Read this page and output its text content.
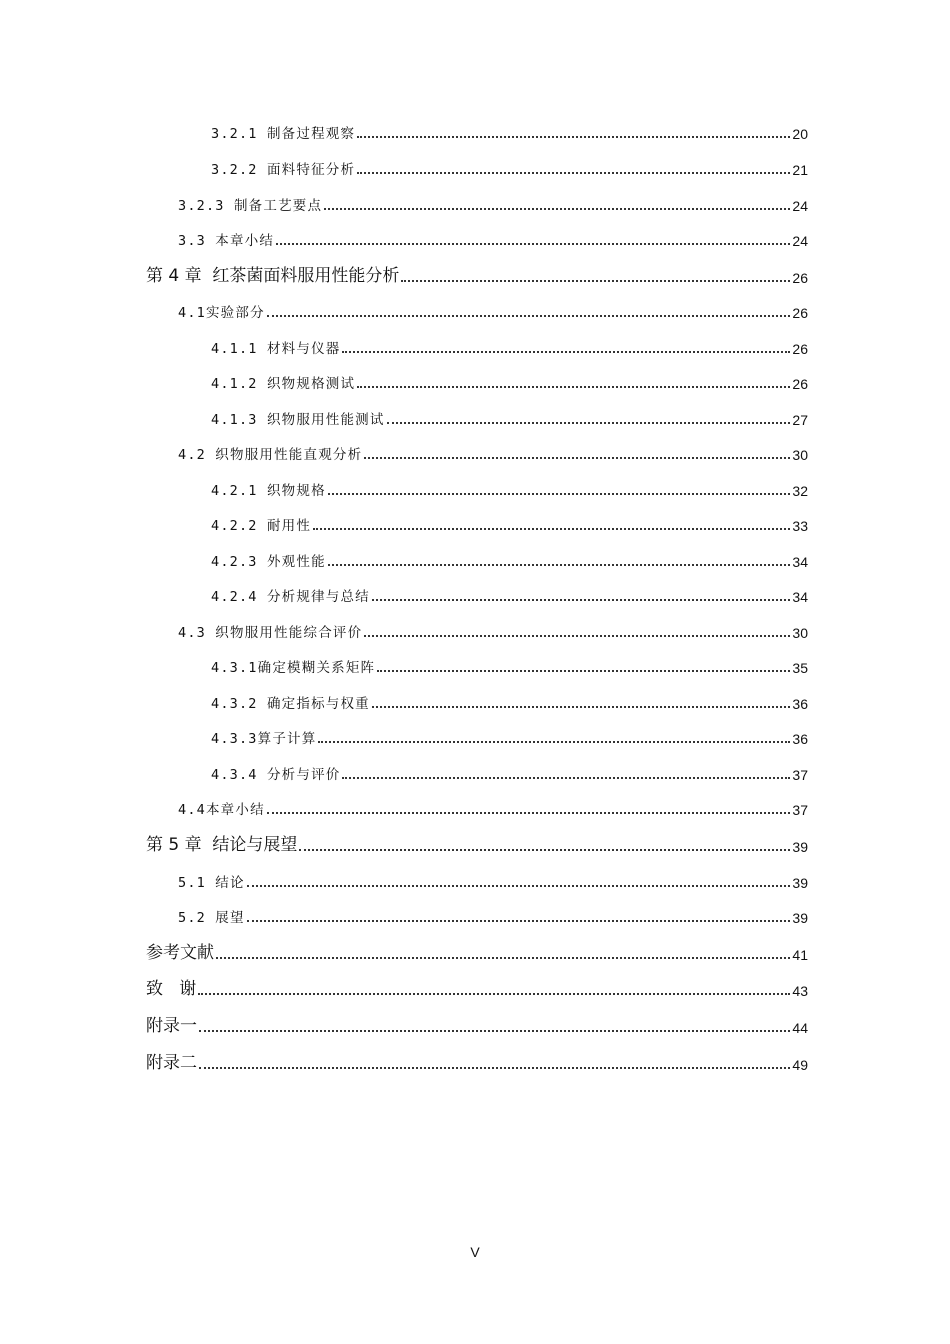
3.2.1 制备过程观察	20
3.2.2 面料特征分析	21
3.2.3 制备工艺要点	24
3.3 本章小结	24
第 4 章  红茶菌面料服用性能分析	26
4.1实验部分	26
4.1.1 材料与仪器	26
4.1.2 织物规格测试	26
4.1.3 织物服用性能测试	27
4.2 织物服用性能直观分析	30
4.2.1 织物规格	32
4.2.2 耐用性	33
4.2.3 外观性能	34
4.2.4 分析规律与总结	34
4.3 织物服用性能综合评价	30
4.3.1确定模糊关系矩阵	35
4.3.2 确定指标与权重	36
4.3.3算子计算	36
4.3.4 分析与评价	37
4.4本章小结	37
第 5 章  结论与展望	39
5.1 结论	39
5.2 展望	39
参考文献	41
致   谢	43
附录一	44
附录二	49
V
